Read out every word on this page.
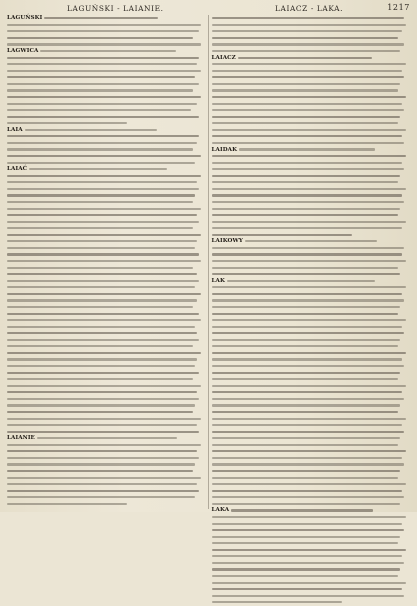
LAGUŃSKI - LAIANIE.	LAIACZ - LAKA.	1217
LAGUŃSKI
LAGWICA
LAIA
LAIAĆ
LAIANIE
LAIACZ
LAIDAK
LAIKOWY
LAK
LAKA
